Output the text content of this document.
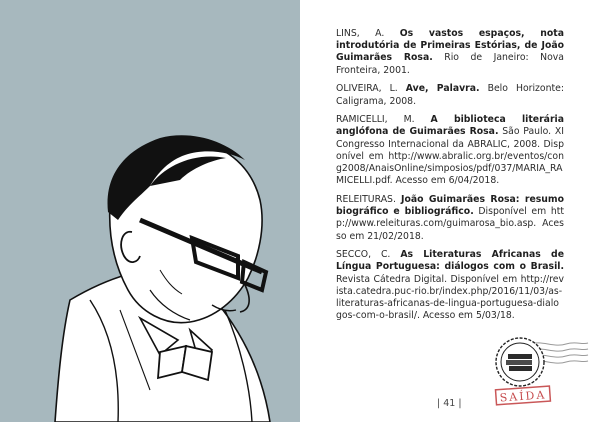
LINS, A. Os vastos espaços, nota introdutória de Primeiras Estórias, de João Guimarães Rosa. Rio de Janeiro: Nova Fronteira, 2001.

OLIVEIRA, L. Ave, Palavra. Belo Horizonte: Caligrama, 2008.

RAMICELLI, M. A biblioteca literária anglófona de Guimarães Rosa. São Paulo. XI Congresso Internacional da ABRALIC, 2008. Disponível em http://www.abralic.org.br/eventos/cong2008/AnaisOnline/simposios/pdf/037/MARIA_RAMICELLI.pdf. Acesso em 6/04/2018.

RELEITURAS. João Guimarães Rosa: resumo biográfico e bibliográfico. Disponível em http://www.releituras.com/guimarosa_bio.asp. Acesso em 21/02/2018.

SECCO, C. As Literaturas Africanas de Língua Portuguesa: diálogos com o Brasil. Revista Cátedra Digital. Disponível em http://revista.catedra.puc-rio.br/index.php/2016/11/03/as-literaturas-africanas-de-lingua-portuguesa-dialogos-com-o-brasil/. Acesso em 5/03/18.

SAÍDA
| 41 |
